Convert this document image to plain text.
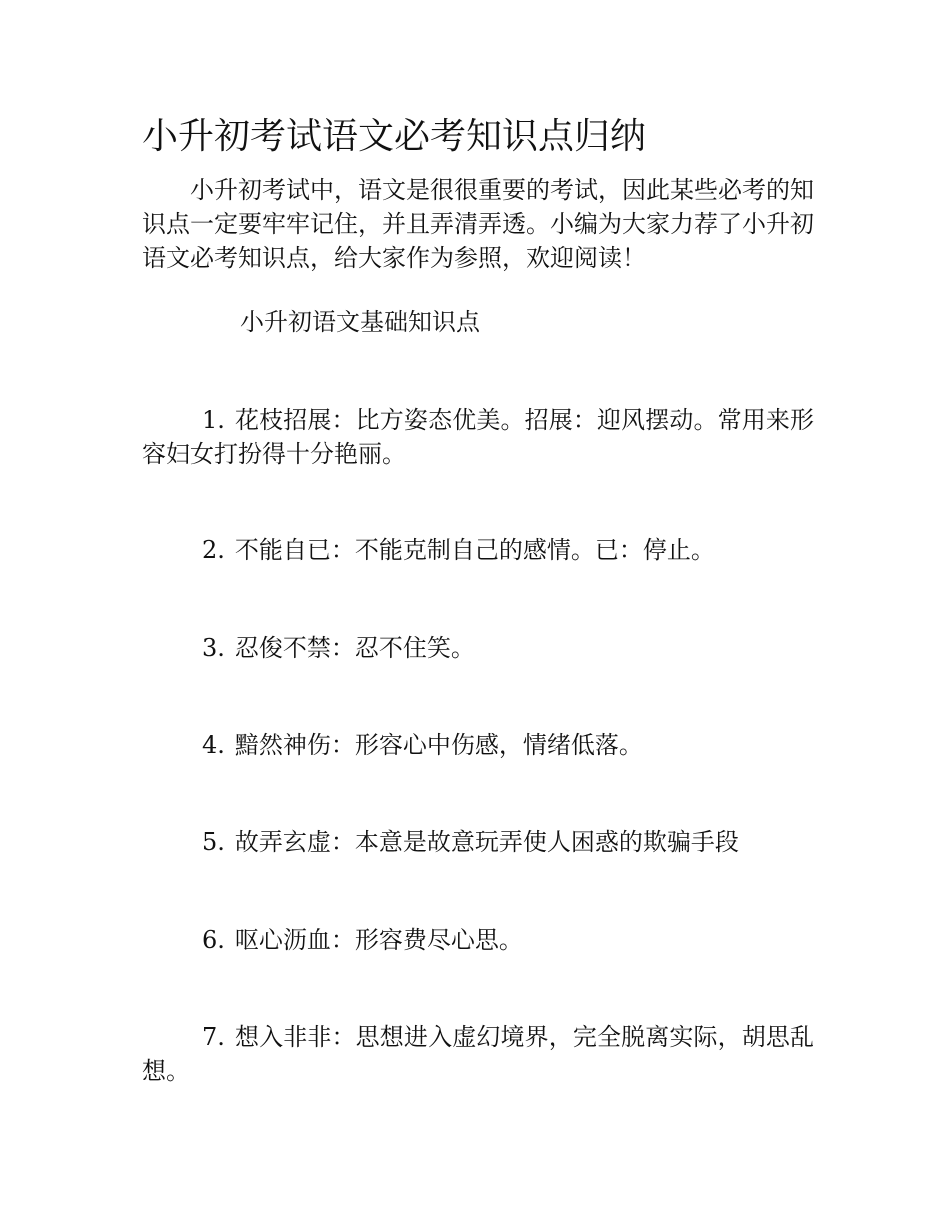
小升初考试语文必考知识点归纳
小升初考试中，语文是很很重要的考试，因此某些必考的知识点一定要牢牢记住，并且弄清弄透。小编为大家力荐了小升初语文必考知识点，给大家作为参照，欢迎阅读！
小升初语文基础知识点
1. 花枝招展：比方姿态优美。招展：迎风摆动。常用来形容妇女打扮得十分艳丽。
2. 不能自已：不能克制自己的感情。已：停止。
3. 忍俊不禁：忍不住笑。
4. 黯然神伤：形容心中伤感，情绪低落。
5. 故弄玄虚：本意是故意玩弄使人困惑的欺骗手段
6. 呕心沥血：形容费尽心思。
7. 想入非非：思想进入虚幻境界，完全脱离实际，胡思乱想。
